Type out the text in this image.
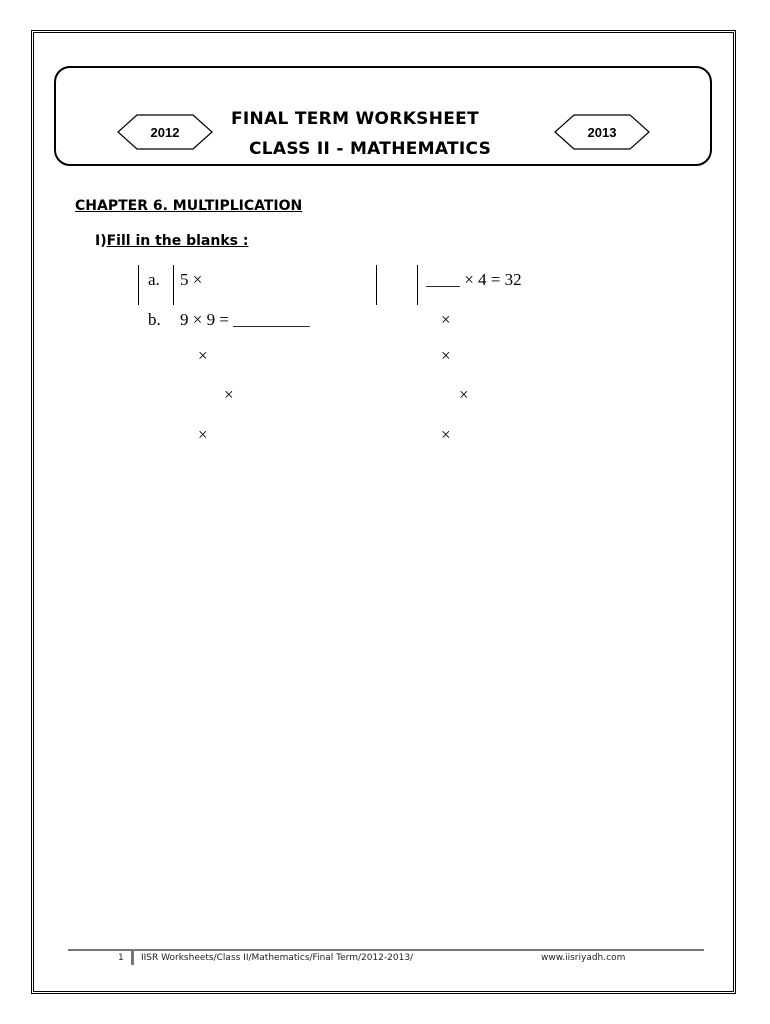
2012	2013
FINAL TERM WORKSHEET
CLASS II - MATHEMATICS
CHAPTER 6. MULTIPLICATION
I)Fill in the blanks :
a. 5 ×
b. 9 × 9 = _________
×
×
×
____ × 4 = 32
×
×
×
×
1 IISR Worksheets/Class II/Mathematics/Final Term/2012-2013/	www.iisriyadh.com
